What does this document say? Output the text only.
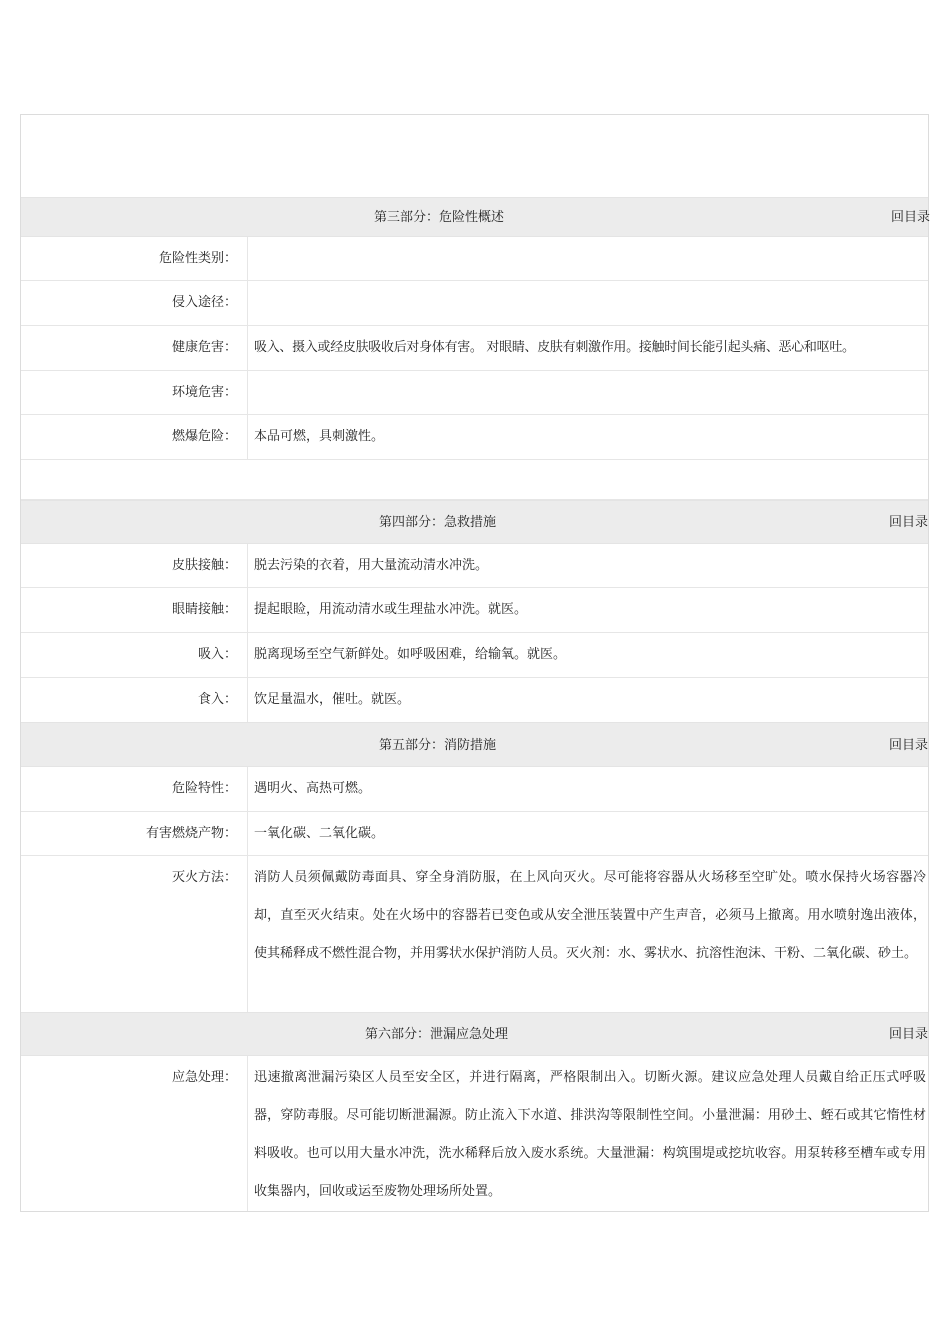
第三部分：危险性概述	回目录
危险性类别：
侵入途径：
健康危害：	吸入、摄入或经皮肤吸收后对身体有害。 对眼睛、皮肤有刺激作用。接触时间长能引起头痛、恶心和呕吐。
环境危害：
燃爆危险：	本品可燃，具刺激性。
第四部分：急救措施	回目录
皮肤接触：	脱去污染的衣着，用大量流动清水冲洗。
眼睛接触：	提起眼睑，用流动清水或生理盐水冲洗。就医。
吸入：	脱离现场至空气新鲜处。如呼吸困难，给输氧。就医。
食入：	饮足量温水，催吐。就医。
第五部分：消防措施	回目录
危险特性：	遇明火、高热可燃。
有害燃烧产物：	一氧化碳、二氧化碳。
灭火方法：	消防人员须佩戴防毒面具、穿全身消防服，在上风向灭火。尽可能将容器从火场移至空旷处。喷水保持火场容器冷却，直至灭火结束。处在火场中的容器若已变色或从安全泄压装置中产生声音，必须马上撤离。用水喷射逸出液体，使其稀释成不燃性混合物，并用雾状水保护消防人员。灭火剂：水、雾状水、抗溶性泡沫、干粉、二氧化碳、砂土。
第六部分：泄漏应急处理	回目录
应急处理：	迅速撤离泄漏污染区人员至安全区，并进行隔离，严格限制出入。切断火源。建议应急处理人员戴自给正压式呼吸器，穿防毒服。尽可能切断泄漏源。防止流入下水道、排洪沟等限制性空间。小量泄漏：用砂土、蛭石或其它惰性材料吸收。也可以用大量水冲洗，洗水稀释后放入废水系统。大量泄漏：构筑围堤或挖坑收容。用泵转移至槽车或专用收集器内，回收或运至废物处理场所处置。
